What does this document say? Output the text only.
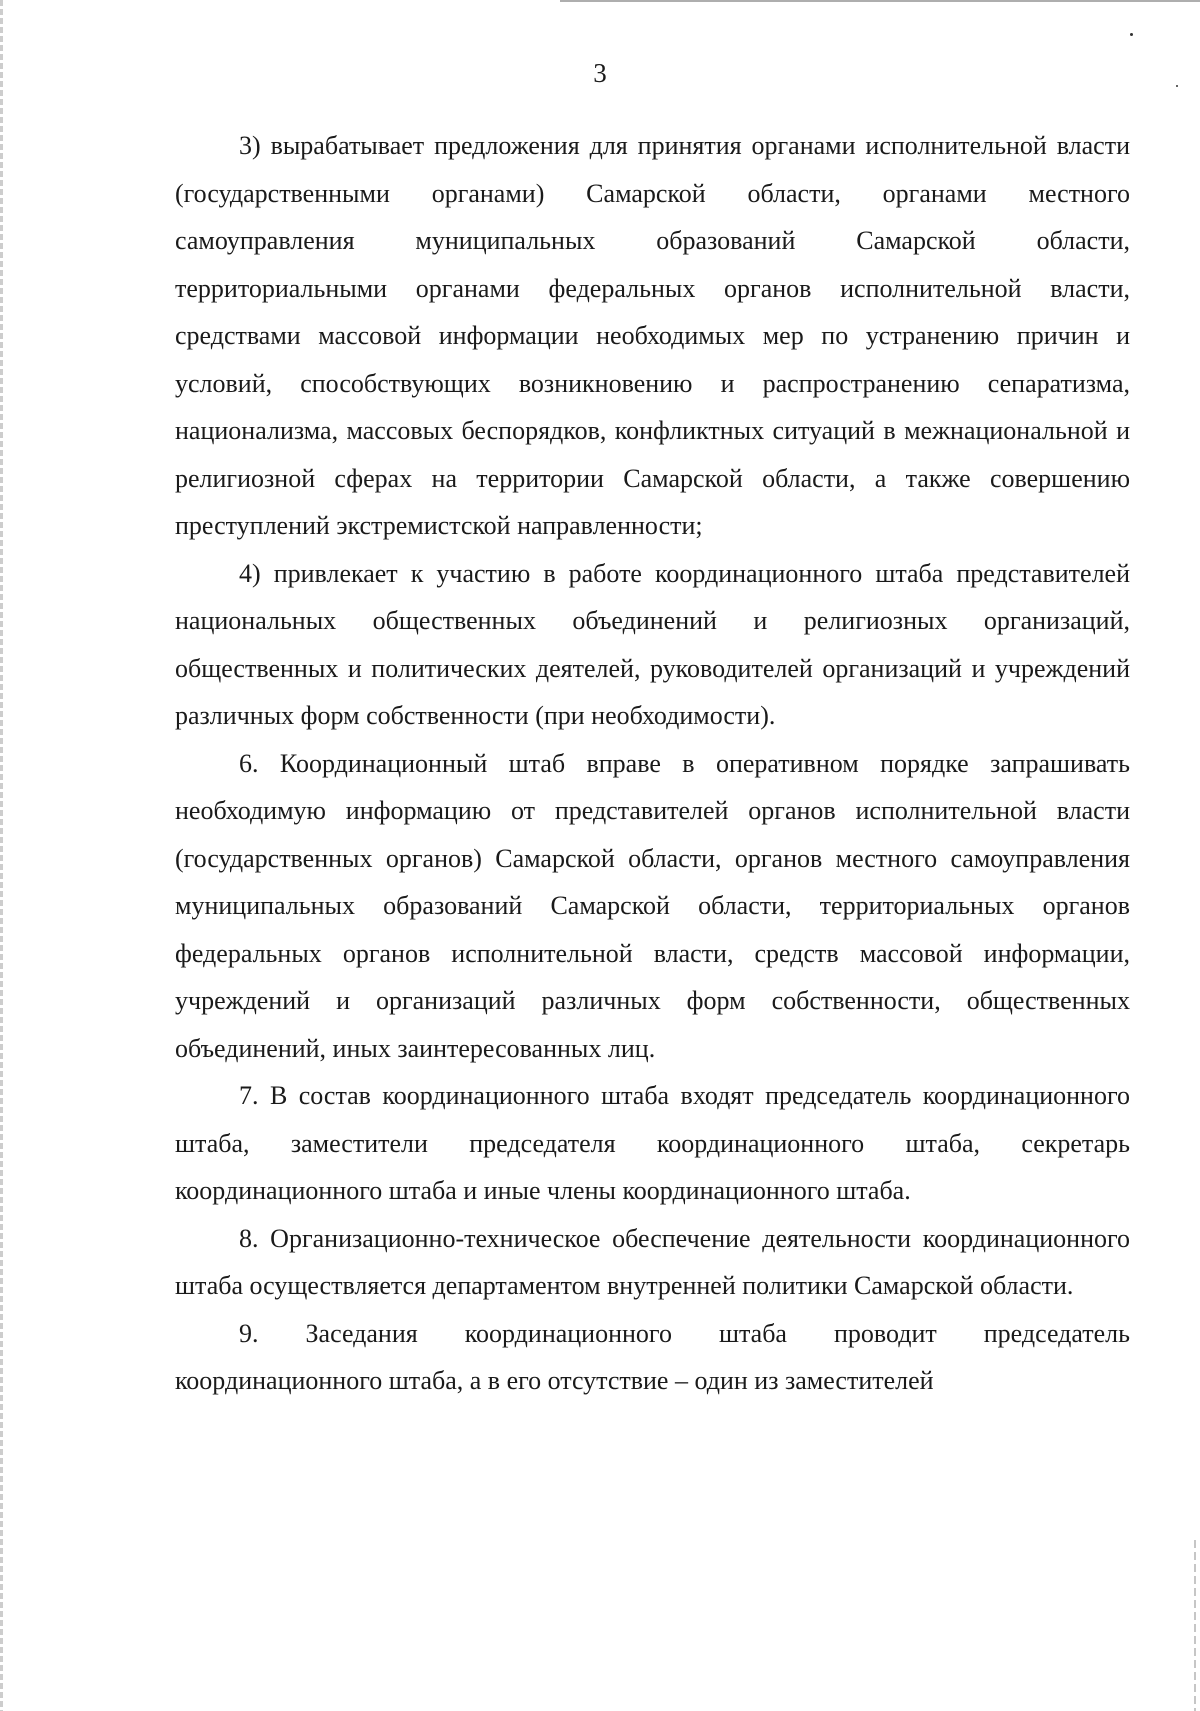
3

3) вырабатывает предложения для принятия органами исполнительной власти (государственными органами) Самарской области, органами местного самоуправления муниципальных образований Самарской области, территориальными органами федеральных органов исполнительной власти, средствами массовой информации необходимых мер по устранению причин и условий, способствующих возникновению и распространению сепаратизма, национализма, массовых беспорядков, конфликтных ситуаций в межнациональной и религиозной сферах на территории Самарской области, а также совершению преступлений экстремистской направленности;

4) привлекает к участию в работе координационного штаба представителей национальных общественных объединений и религиозных организаций, общественных и политических деятелей, руководителей организаций и учреждений различных форм собственности (при необходимости).

6. Координационный штаб вправе в оперативном порядке запрашивать необходимую информацию от представителей органов исполнительной власти (государственных органов) Самарской области, органов местного самоуправления муниципальных образований Самарской области, территориальных органов федеральных органов исполнительной власти, средств массовой информации, учреждений и организаций различных форм собственности, общественных объединений, иных заинтересованных лиц.

7. В состав координационного штаба входят председатель координационного штаба, заместители председателя координационного штаба, секретарь координационного штаба и иные члены координационного штаба.

8. Организационно-техническое обеспечение деятельности координационного штаба осуществляется департаментом внутренней политики Самарской области.

9. Заседания координационного штаба проводит председатель координационного штаба, а в его отсутствие – один из заместителей
